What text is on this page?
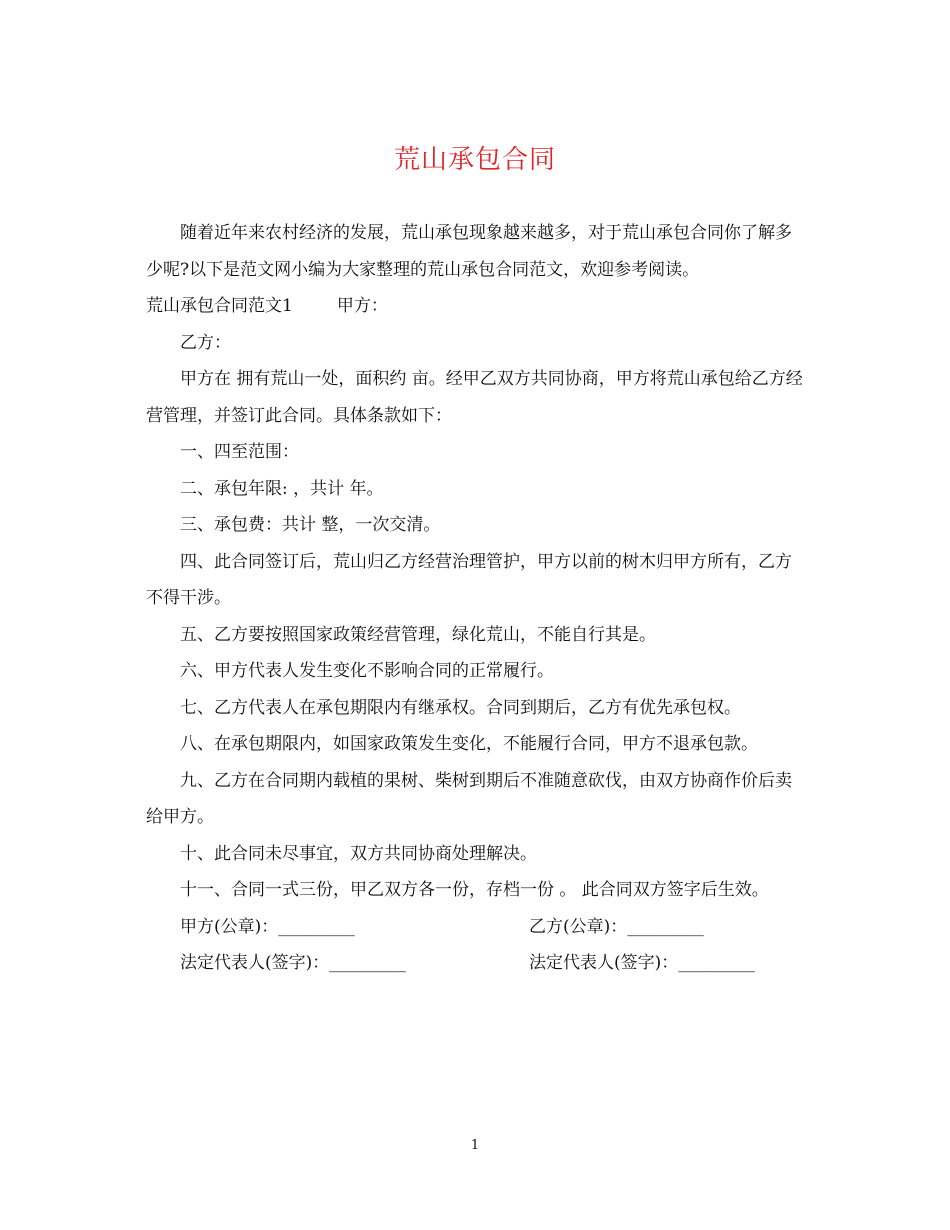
荒山承包合同

随着近年来农村经济的发展，荒山承包现象越来越多，对于荒山承包合同你了解多少呢?以下是范文网小编为大家整理的荒山承包合同范文，欢迎参考阅读。

荒山承包合同范文1	甲方：

乙方：

甲方在 拥有荒山一处，面积约 亩。经甲乙双方共同协商，甲方将荒山承包给乙方经营管理，并签订此合同。具体条款如下：

一、四至范围：

二、承包年限: ，共计 年。

三、承包费：共计 整，一次交清。

四、此合同签订后，荒山归乙方经营治理管护，甲方以前的树木归甲方所有，乙方不得干涉。

五、乙方要按照国家政策经营管理，绿化荒山，不能自行其是。

六、甲方代表人发生变化不影响合同的正常履行。

七、乙方代表人在承包期限内有继承权。合同到期后，乙方有优先承包权。

八、在承包期限内，如国家政策发生变化，不能履行合同，甲方不退承包款。

九、乙方在合同期内载植的果树、柴树到期后不准随意砍伐，由双方协商作价后卖给甲方。

十、此合同未尽事宜，双方共同协商处理解决。

十一、合同一式三份，甲乙双方各一份，存档一份 。 此合同双方签字后生效。

甲方(公章)：_________	乙方(公章)：_________
法定代表人(签字)：_________	法定代表人(签字)：_________
1
